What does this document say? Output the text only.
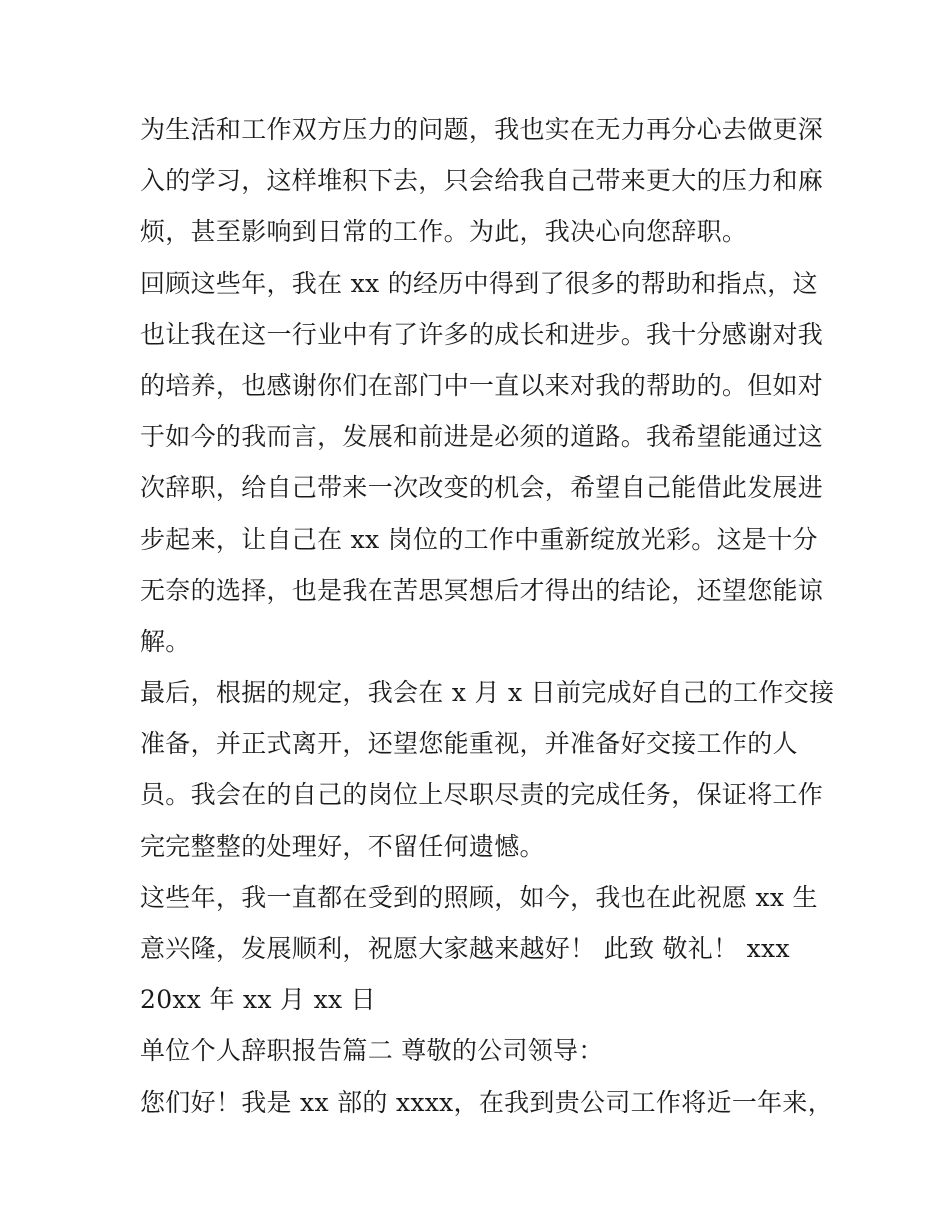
为生活和工作双方压力的问题，我也实在无力再分心去做更深
入的学习，这样堆积下去，只会给我自己带来更大的压力和麻
烦，甚至影响到日常的工作。为此，我决心向您辞职。
回顾这些年，我在 xx 的经历中得到了很多的帮助和指点，这
也让我在这一行业中有了许多的成长和进步。我十分感谢对我
的培养，也感谢你们在部门中一直以来对我的帮助的。但如对
于如今的我而言，发展和前进是必须的道路。我希望能通过这
次辞职，给自己带来一次改变的机会，希望自己能借此发展进
步起来，让自己在 xx 岗位的工作中重新绽放光彩。这是十分
无奈的选择，也是我在苦思冥想后才得出的结论，还望您能谅
解。
最后，根据的规定，我会在 x 月 x 日前完成好自己的工作交接
准备，并正式离开，还望您能重视，并准备好交接工作的人
员。我会在的自己的岗位上尽职尽责的完成任务，保证将工作
完完整整的处理好，不留任何遗憾。
这些年，我一直都在受到的照顾，如今，我也在此祝愿 xx 生
意兴隆，发展顺利，祝愿大家越来越好！ 此致 敬礼！ xxx
20xx 年 xx 月 xx 日
单位个人辞职报告篇二 尊敬的公司领导：
您们好！我是 xx 部的 xxxx，在我到贵公司工作将近一年来，
